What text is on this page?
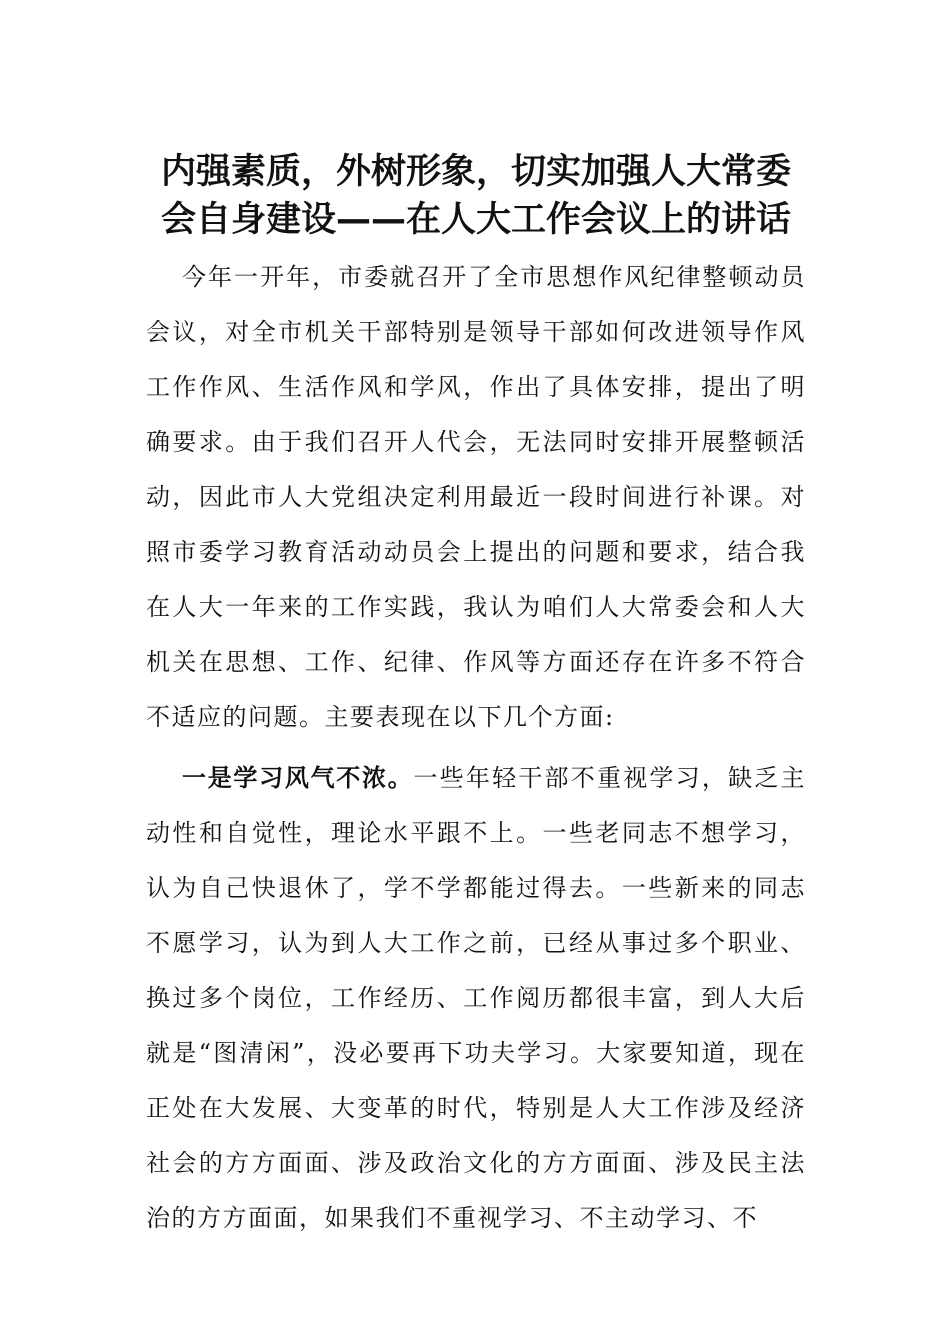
内强素质，外树形象，切实加强人大常委
会自身建设——在人大工作会议上的讲话

今年一开年，市委就召开了全市思想作风纪律整顿动员会议，对全市机关干部特别是领导干部如何改进领导作风工作作风、生活作风和学风，作出了具体安排，提出了明确要求。由于我们召开人代会，无法同时安排开展整顿活动，因此市人大党组决定利用最近一段时间进行补课。对照市委学习教育活动动员会上提出的问题和要求，结合我在人大一年来的工作实践，我认为咱们人大常委会和人大机关在思想、工作、纪律、作风等方面还存在许多不符合不适应的问题。主要表现在以下几个方面:

一是学习风气不浓。一些年轻干部不重视学习，缺乏主动性和自觉性，理论水平跟不上。一些老同志不想学习，认为自己快退休了，学不学都能过得去。一些新来的同志不愿学习，认为到人大工作之前，已经从事过多个职业、换过多个岗位，工作经历、工作阅历都很丰富，到人大后就是“图清闲”，没必要再下功夫学习。大家要知道，现在正处在大发展、大变革的时代，特别是人大工作涉及经济社会的方方面面、涉及政治文化的方方面面、涉及民主法治的方方面面，如果我们不重视学习、不主动学习、不
